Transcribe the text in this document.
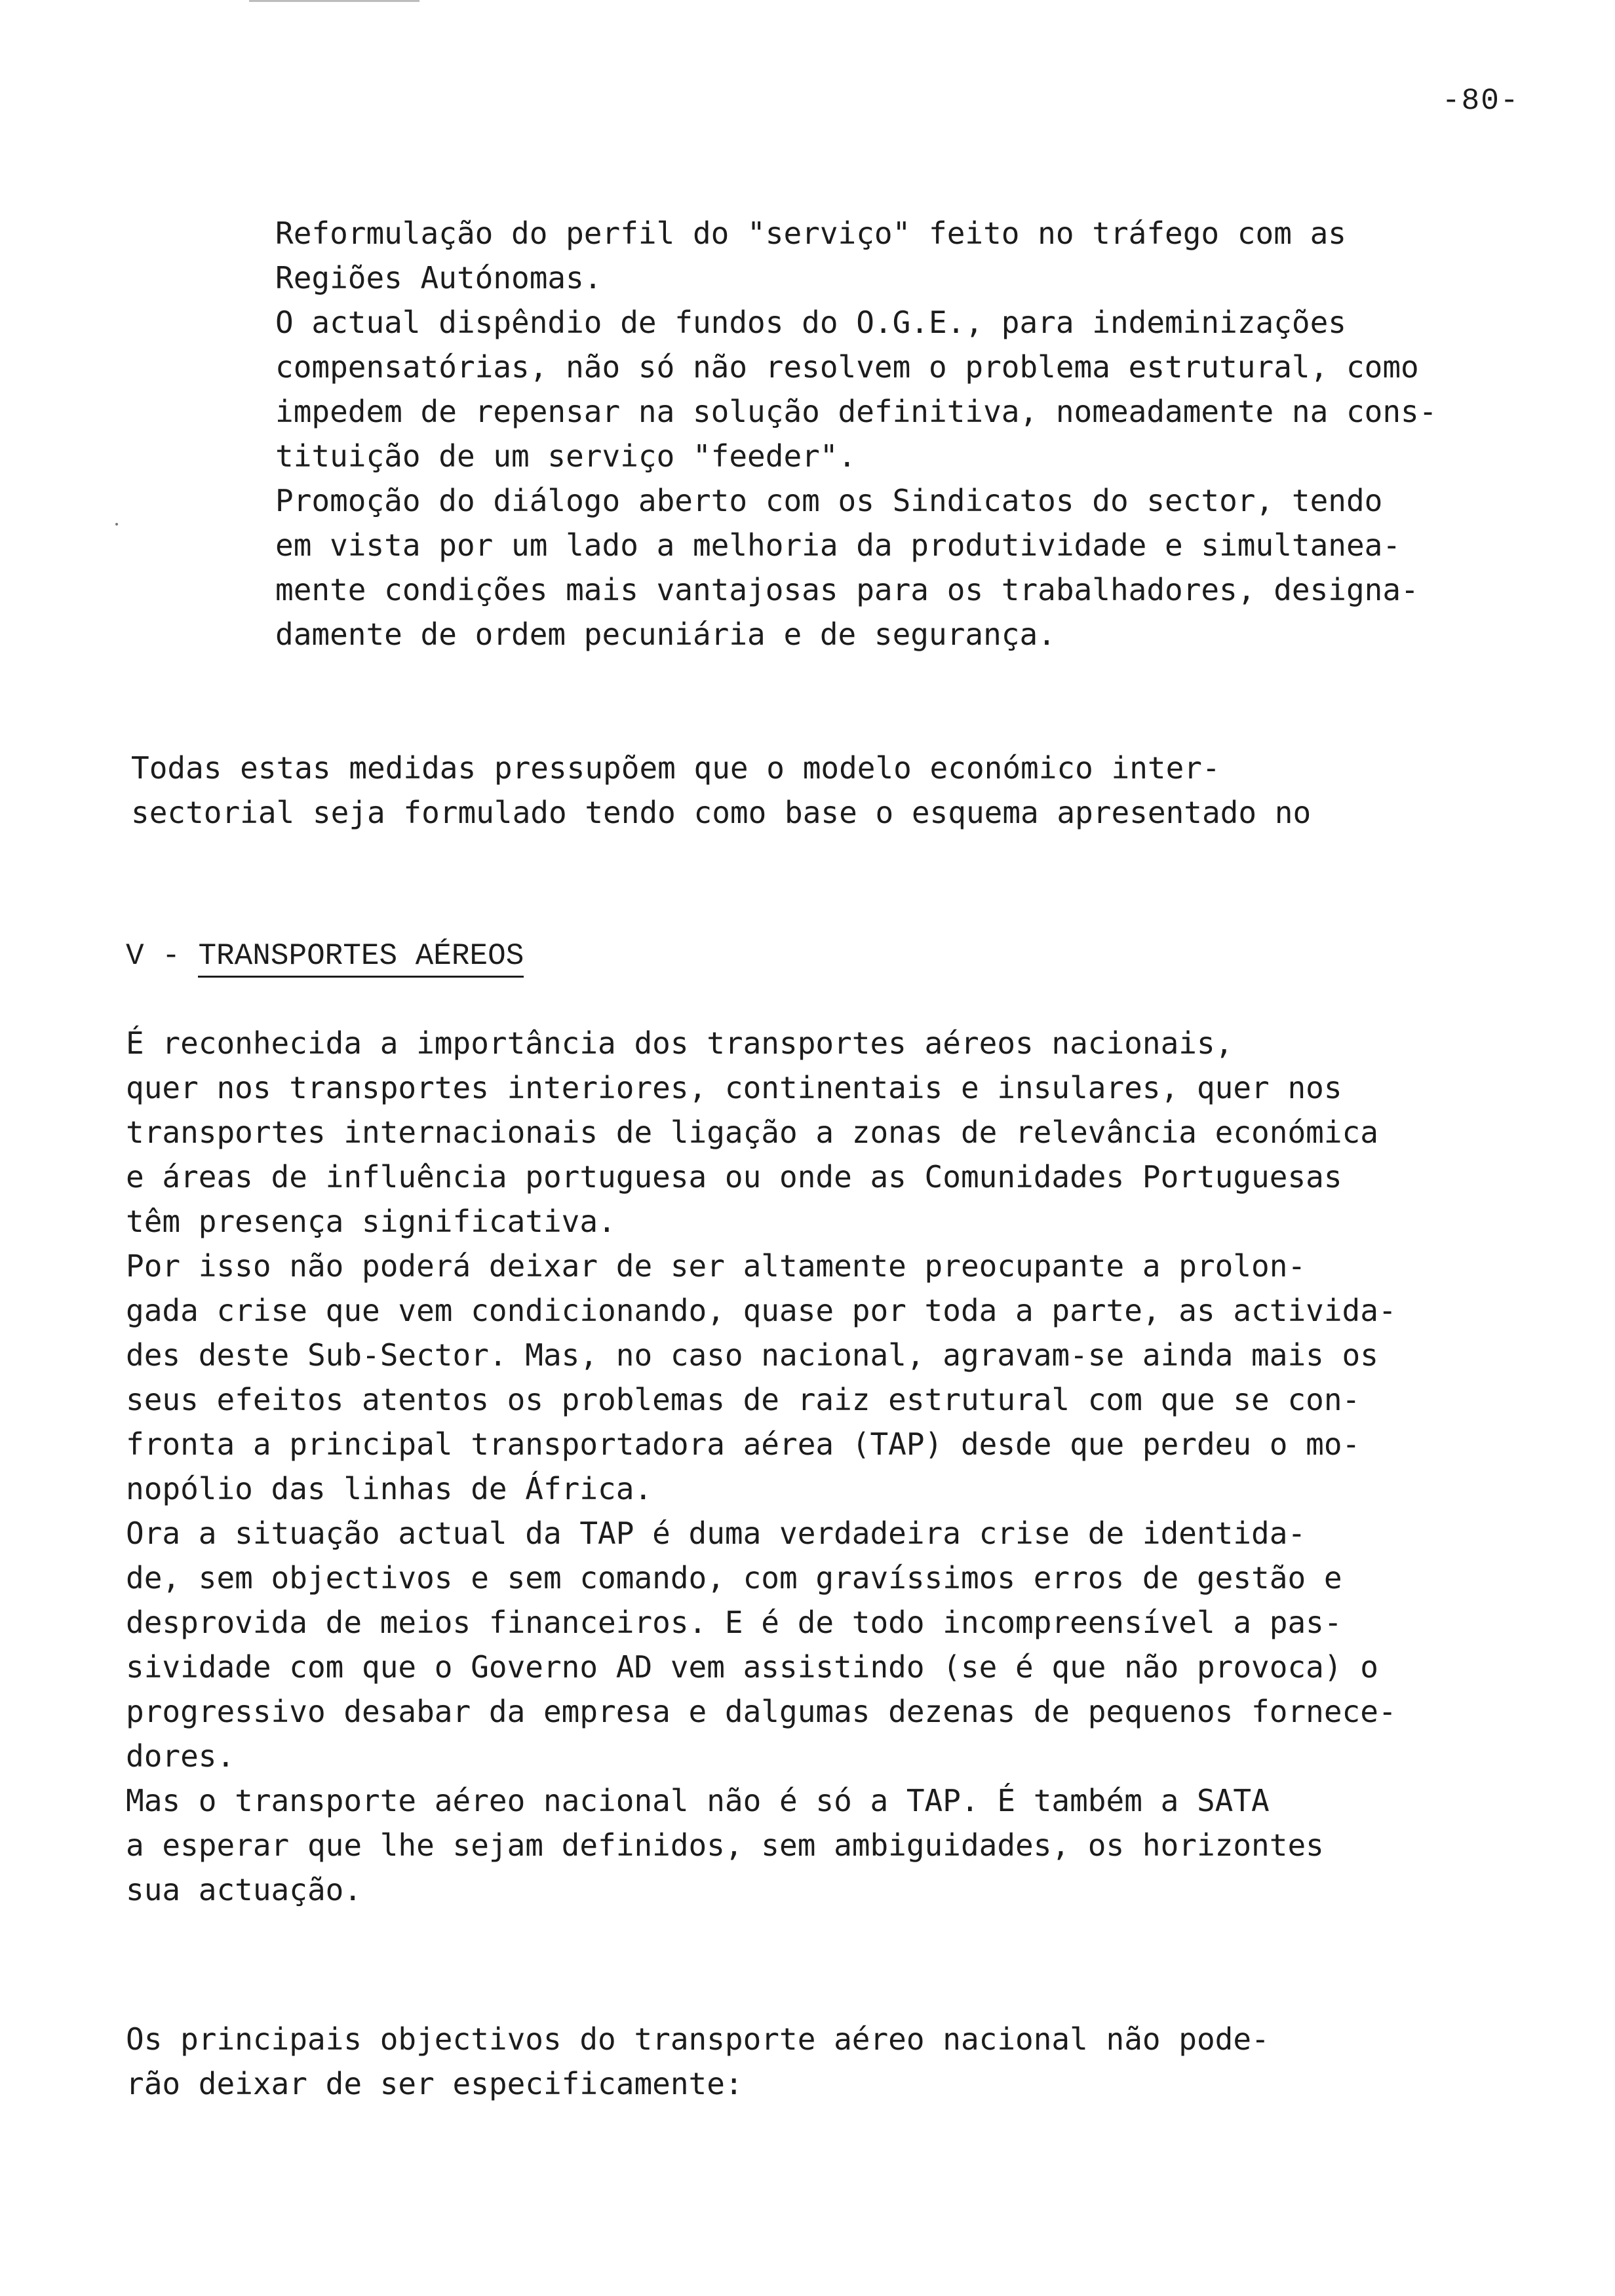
-80-
Reformulação do perfil do "serviço" feito no tráfego com as
Regiões Autónomas.
O actual dispêndio de fundos do O.G.E., para indeminizações
compensatórias, não só não resolvem o problema estrutural, como
impedem de repensar na solução definitiva, nomeadamente na cons-
tituição de um serviço "feeder".
Promoção do diálogo aberto com os Sindicatos do sector, tendo
em vista por um lado a melhoria da produtividade e simultanea-
mente condições mais vantajosas para os trabalhadores, designa-
damente de ordem pecuniária e de segurança.
Todas estas medidas pressupõem que o modelo económico inter-
sectorial seja formulado tendo como base o esquema apresentado no
V - TRANSPORTES AÉREOS
É reconhecida a importância dos transportes aéreos nacionais,
quer nos transportes interiores, continentais e insulares, quer nos
transportes internacionais de ligação a zonas de relevância económica
e áreas de influência portuguesa ou onde as Comunidades Portuguesas
têm presença significativa.
Por isso não poderá deixar de ser altamente preocupante a prolon-
gada crise que vem condicionando, quase por toda a parte, as activida-
des deste Sub-Sector. Mas, no caso nacional, agravam-se ainda mais os
seus efeitos atentos os problemas de raiz estrutural com que se con-
fronta a principal transportadora aérea (TAP) desde que perdeu o mo-
nopólio das linhas de África.
Ora a situação actual da TAP é duma verdadeira crise de identida-
de, sem objectivos e sem comando, com gravíssimos erros de gestão e
desprovida de meios financeiros. E é de todo incompreensível a pas-
sividade com que o Governo AD vem assistindo (se é que não provoca) o
progressivo desabar da empresa e dalgumas dezenas de pequenos fornece-
dores.
Mas o transporte aéreo nacional não é só a TAP. É também a SATA
a esperar que lhe sejam definidos, sem ambiguidades, os horizontes
sua actuação.
Os principais objectivos do transporte aéreo nacional não pode-
rão deixar de ser especificamente:
